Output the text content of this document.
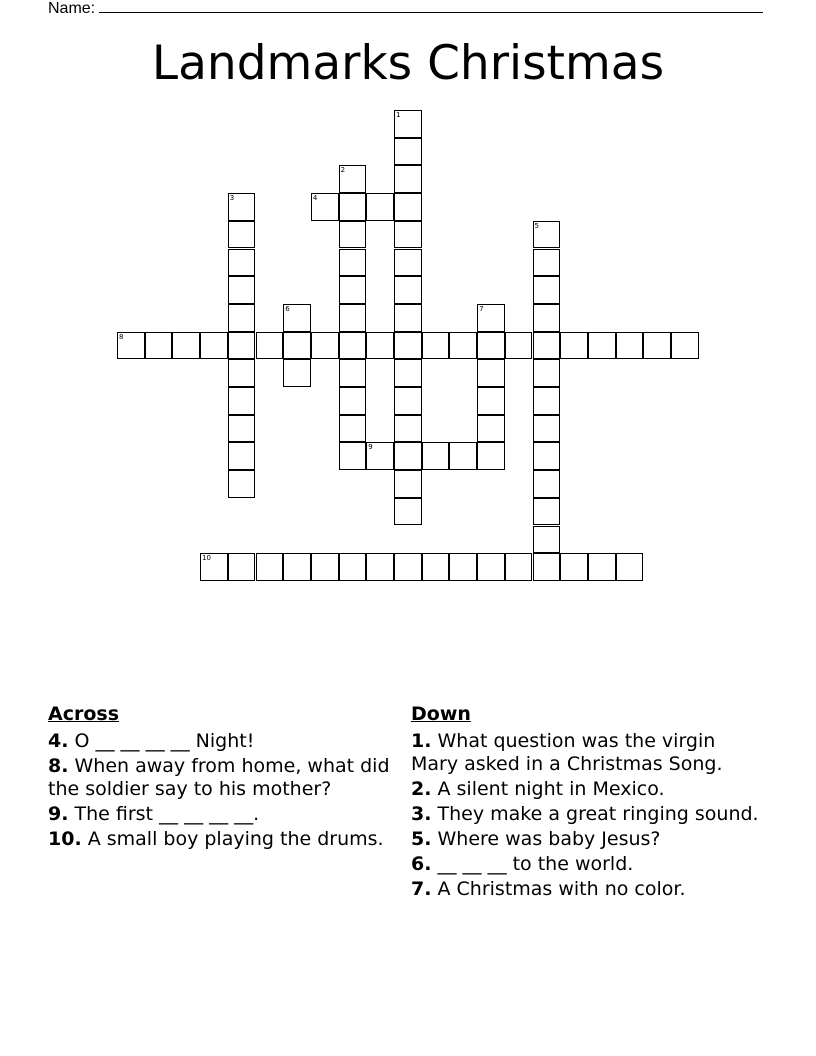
Name:
Landmarks Christmas
1
2
3	4
5
6	7
8
9
10
Across
4. O __ __ __ __ Night!
8. When away from home, what did the soldier say to his mother?
9. The first __ __ __ __.
10. A small boy playing the drums.
Down
1. What question was the virgin Mary asked in a Christmas Song.
2. A silent night in Mexico.
3. They make a great ringing sound.
5. Where was baby Jesus?
6. __ __ __ to the world.
7. A Christmas with no color.
